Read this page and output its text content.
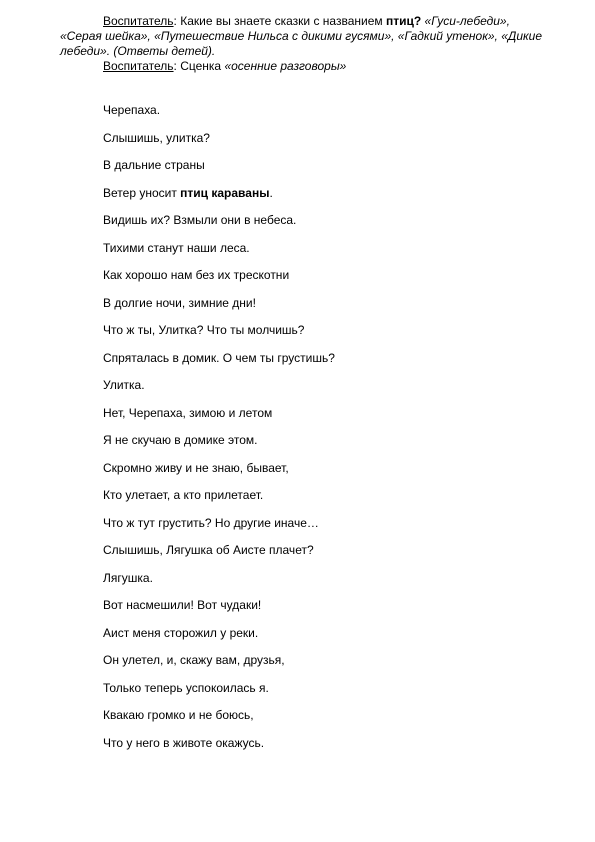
Воспитатель: Какие вы знаете сказки с названием птиц? «Гуси-лебеди», «Серая шейка», «Путешествие Нильса с дикими гусями», «Гадкий утенок», «Дикие лебеди». (Ответы детей).

Воспитатель: Сценка «осенние разговоры»

Черепаха.
Слышишь, улитка?
В дальние страны
Ветер уносит птиц караваны.
Видишь их? Взмыли они в небеса.
Тихими станут наши леса.
Как хорошо нам без их трескотни
В долгие ночи, зимние дни!
Что ж ты, Улитка? Что ты молчишь?
Спряталась в домик. О чем ты грустишь?
Улитка.
Нет, Черепаха, зимою и летом
Я не скучаю в домике этом.
Скромно живу и не знаю, бывает,
Кто улетает, а кто прилетает.
Что ж тут грустить? Но другие иначе…
Слышишь, Лягушка об Аисте плачет?
Лягушка.
Вот насмешили! Вот чудаки!
Аист меня сторожил у реки.
Он улетел, и, скажу вам, друзья,
Только теперь успокоилась я.
Квакаю громко и не боюсь,
Что у него в животе окажусь.
